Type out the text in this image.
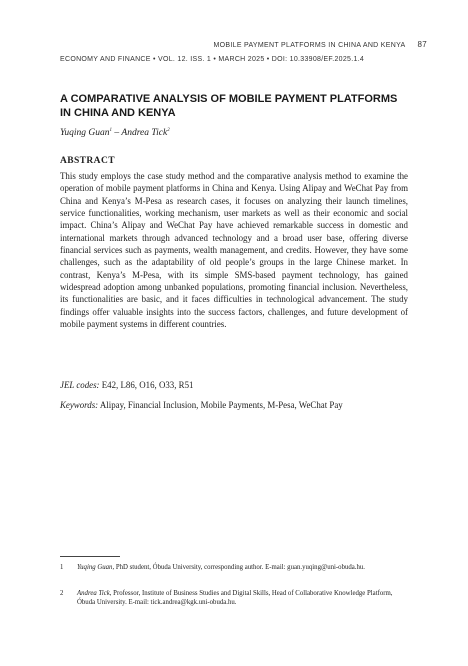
MOBILE PAYMENT PLATFORMS IN CHINA AND KENYA 87
ECONOMY AND FINANCE • VOL. 12. ISS. 1 • MARCH 2025 • DOI: 10.33908/EF.2025.1.4
A COMPARATIVE ANALYSIS OF MOBILE PAYMENT PLATFORMS IN CHINA AND KENYA
Yuqing Guan$^1$ – Andrea Tick$^2$
ABSTRACT
This study employs the case study method and the comparative analysis method to examine the operation of mobile payment platforms in China and Kenya. Using Alipay and WeChat Pay from China and Kenya’s M-Pesa as research cases, it focuses on analyzing their launch timelines, service functionalities, working mechanism, user markets as well as their economic and social impact. China’s Alipay and WeChat Pay have achieved remarkable success in domestic and international markets through advanced technology and a broad user base, offering diverse financial services such as payments, wealth management, and credits. However, they have some challenges, such as the adaptability of old people’s groups in the large Chinese market. In contrast, Kenya’s M-Pesa, with its simple SMS-based payment technology, has gained widespread adoption among unbanked populations, promoting financial inclusion. Nevertheless, its functionalities are basic, and it faces difficulties in technological advancement. The study findings offer valuable insights into the success factors, challenges, and future development of mobile payment systems in different countries.
JEL codes: E42, L86, O16, O33, R51
Keywords: Alipay, Financial Inclusion, Mobile Payments, M-Pesa, WeChat Pay
1	Yuqing Guan, PhD student, Óbuda University, corresponding author. E-mail: guan.yuqing@uni-obuda.hu.
2	Andrea Tick, Professor, Institute of Business Studies and Digital Skills, Head of Collaborative Knowledge Platform, Óbuda University. E-mail: tick.andrea@kgk.uni-obuda.hu.
